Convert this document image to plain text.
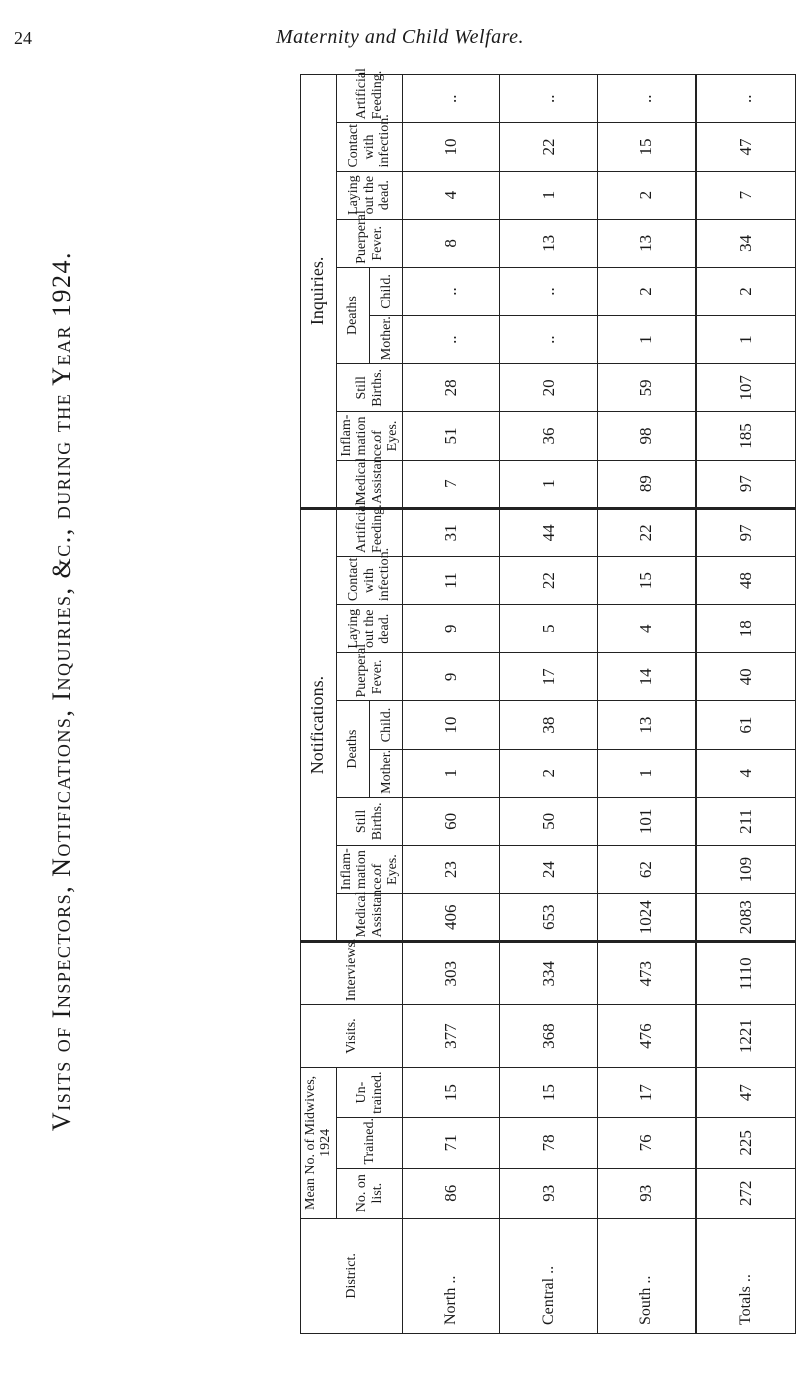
24	Maternity and Child Welfare.
Visits of Inspectors, Notifications, Inquiries, &c., during the Year 1924.
District.	Mean No. of Midwives, 1924			Visits.	Interviews.	Notifications.									Inquiries.								
	No. on list.	Trained.	Un-trained.			Medical Assistance.	Inflam-mation of Eyes.	Still Births.	Deaths		Puerperal Fever.	Laying out the dead.	Contact with infection.	Artificial Feeding.	Medical Assistance.	Inflam-mation of Eyes.	Still Births.	Deaths		Puerperal Fever.	Laying out the dead.	Contact with infection.	Artificial Feeding.
									Mother.	Child.								Mother.	Child.				
North ..	86	71	15	377	303	406	23	60	1	10	9	9	11	31	7	51	28	..	..	8	4	10	..
Central ..	93	78	15	368	334	653	24	50	2	38	17	5	22	44	1	36	20	..	..	13	1	22	..
South ..	93	76	17	476	473	1024	62	101	1	13	14	4	15	22	89	98	59	1	2	13	2	15	..
Totals ..	272	225	47	1221	1110	2083	109	211	4	61	40	18	48	97	97	185	107	1	2	34	7	47	..
